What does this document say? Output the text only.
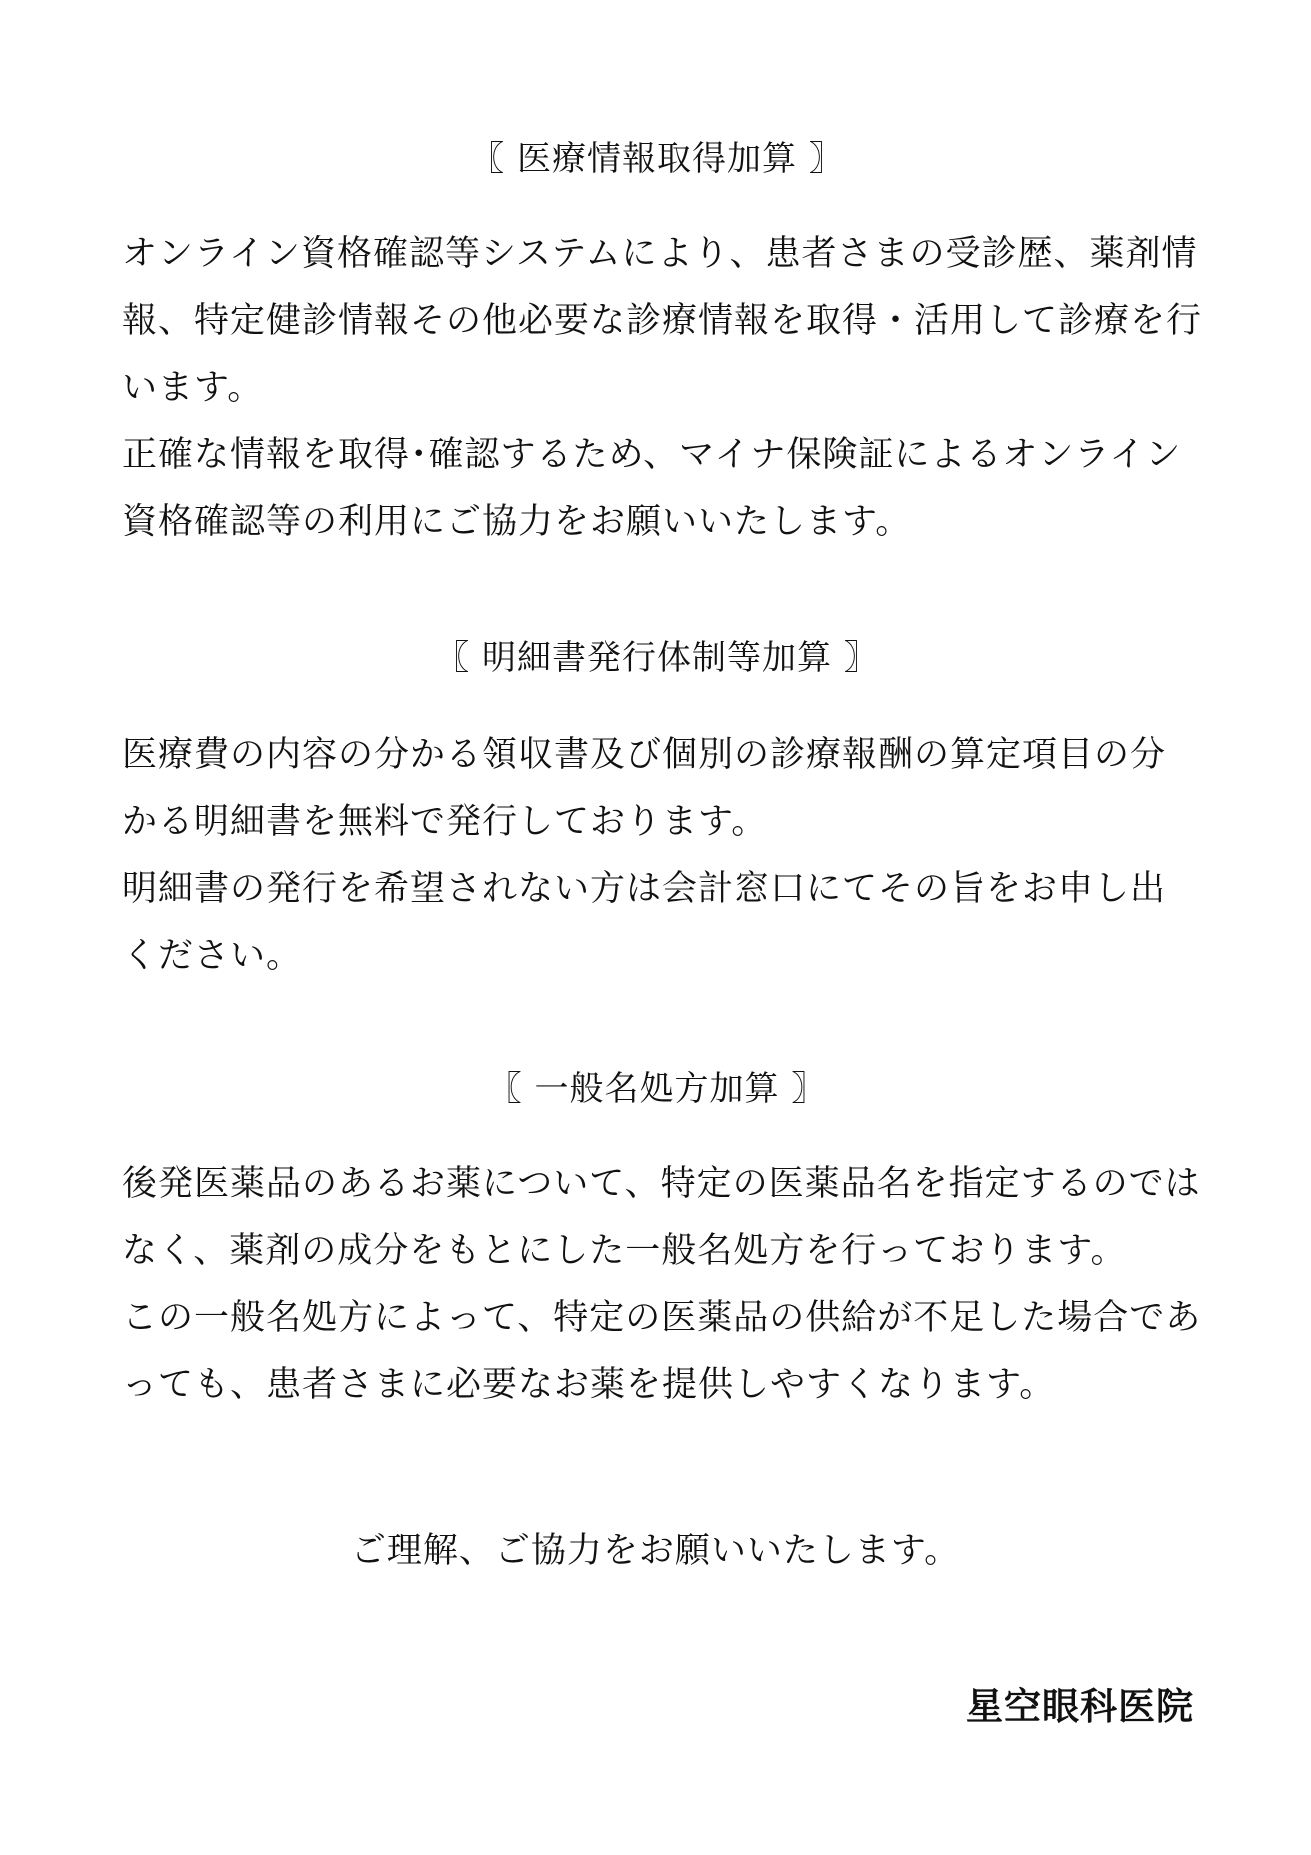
〖 医療情報取得加算 〗

オンライン資格確認等システムにより、患者さまの受診歴、薬剤情
報、特定健診情報その他必要な診療情報を取得・活用して診療を行
います。
正確な情報を取得･確認するため、マイナ保険証によるオンライン
資格確認等の利用にご協力をお願いいたします。

〖 明細書発行体制等加算 〗

医療費の内容の分かる領収書及び個別の診療報酬の算定項目の分
かる明細書を無料で発行しております。
明細書の発行を希望されない方は会計窓口にてその旨をお申し出
ください。

〖 一般名処方加算 〗

後発医薬品のあるお薬について、特定の医薬品名を指定するのでは
なく、薬剤の成分をもとにした一般名処方を行っております。
この一般名処方によって、特定の医薬品の供給が不足した場合であ
っても、患者さまに必要なお薬を提供しやすくなります。

ご理解、ご協力をお願いいたします。

星空眼科医院
